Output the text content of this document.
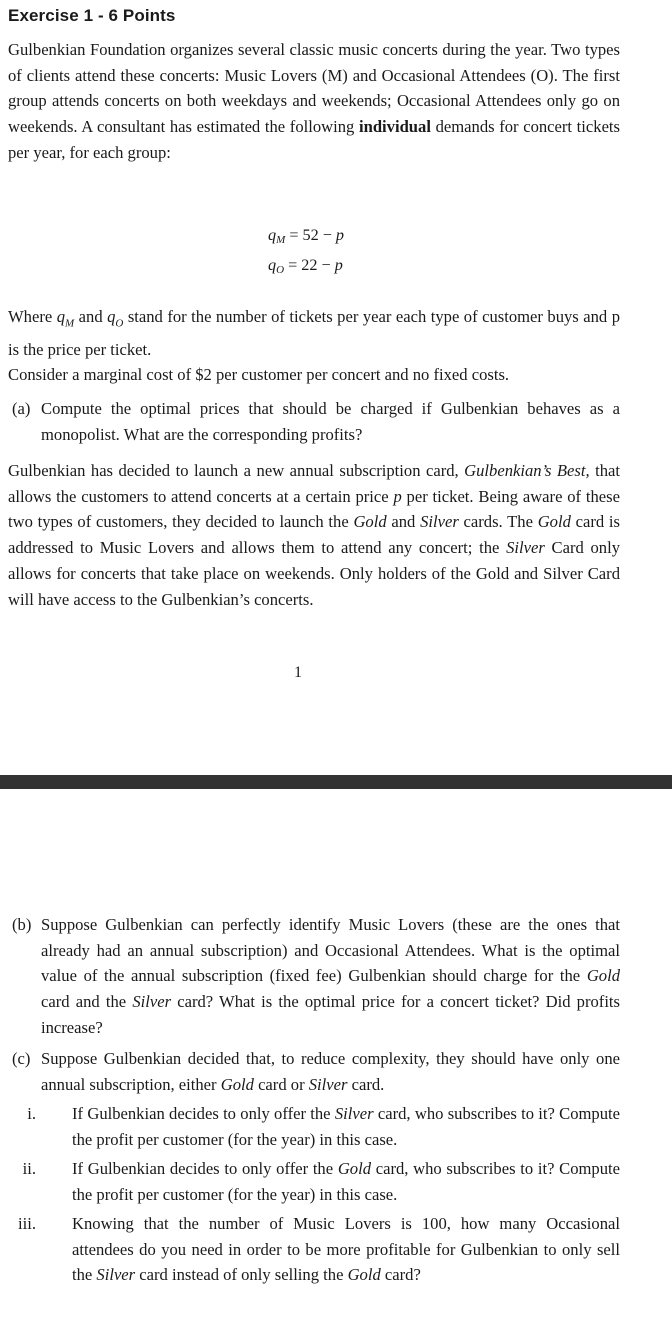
Exercise 1 - 6 Points
Gulbenkian Foundation organizes several classic music concerts during the year. Two types of clients attend these concerts: Music Lovers (M) and Occasional Attendees (O). The first group attends concerts on both weekdays and weekends; Occasional Attendees only go on weekends. A consultant has estimated the following individual demands for concert tickets per year, for each group:
$q_M = 52 - p$
$q_O = 22 - p$
Where $q_M$ and $q_O$ stand for the number of tickets per year each type of customer buys and p is the price per ticket.
Consider a marginal cost of $2 per customer per concert and no fixed costs.
(a) Compute the optimal prices that should be charged if Gulbenkian behaves as a monopolist. What are the corresponding profits?
Gulbenkian has decided to launch a new annual subscription card, Gulbenkian’s Best, that allows the customers to attend concerts at a certain price p per ticket. Being aware of these two types of customers, they decided to launch the Gold and Silver cards. The Gold card is addressed to Music Lovers and allows them to attend any concert; the Silver Card only allows for concerts that take place on weekends. Only holders of the Gold and Silver Card will have access to the Gulbenkian’s concerts.
1
(b) Suppose Gulbenkian can perfectly identify Music Lovers (these are the ones that already had an annual subscription) and Occasional Attendees. What is the optimal value of the annual subscription (fixed fee) Gulbenkian should charge for the Gold card and the Silver card? What is the optimal price for a concert ticket? Did profits increase?
(c) Suppose Gulbenkian decided that, to reduce complexity, they should have only one annual subscription, either Gold card or Silver card.
i. If Gulbenkian decides to only offer the Silver card, who subscribes to it? Compute the profit per customer (for the year) in this case.
ii. If Gulbenkian decides to only offer the Gold card, who subscribes to it? Compute the profit per customer (for the year) in this case.
iii. Knowing that the number of Music Lovers is 100, how many Occasional attendees do you need in order to be more profitable for Gulbenkian to only sell the Silver card instead of only selling the Gold card?
